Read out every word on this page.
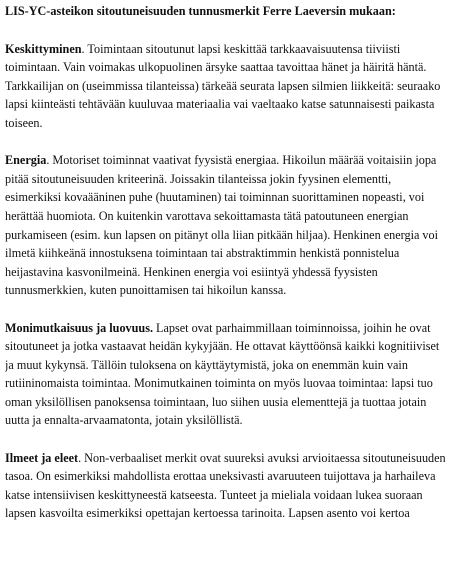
LIS-YC-asteikon sitoutuneisuuden tunnusmerkit Ferre Laeversin mukaan:

Keskittyminen. Toimintaan sitoutunut lapsi keskittää tarkkaavaisuutensa tiiviisti toimintaan. Vain voimakas ulkopuolinen ärsyke saattaa tavoittaa hänet ja häiritä häntä. Tarkkailijan on (useimmissa tilanteissa) tärkeää seurata lapsen silmien liikkeitä: seuraako lapsi kiinteästi tehtävään kuuluvaa materiaalia vai vaeltaako katse satunnaisesti paikasta toiseen.

Energia. Motoriset toiminnat vaativat fyysistä energiaa. Hikoilun määrää voitaisiin jopa pitää sitoutuneisuuden kriteerinä. Joissakin tilanteissa jokin fyysinen elementti, esimerkiksi kovaääninen puhe (huutaminen) tai toiminnan suorittaminen nopeasti, voi herättää huomiota. On kuitenkin varottava sekoittamasta tätä patoutuneen energian purkamiseen (esim. kun lapsen on pitänyt olla liian pitkään hiljaa). Henkinen energia voi ilmetä kiihkeänä innostuksena toimintaan tai abstraktimmin henkistä ponnistelua heijastavina kasvonilmeinä. Henkinen energia voi esiintyä yhdessä fyysisten tunnusmerkkien, kuten punoittamisen tai hikoilun kanssa.

Monimutkaisuus ja luovuus. Lapset ovat parhaimmillaan toiminnoissa, joihin he ovat sitoutuneet ja jotka vastaavat heidän kykyjään. He ottavat käyttöönsä kaikki kognitiiviset ja muut kykynsä. Tällöin tuloksena on käyttäytymistä, joka on enemmän kuin vain rutiininomaista toimintaa. Monimutkainen toiminta on myös luovaa toimintaa: lapsi tuo oman yksilöllisen panoksensa toimintaan, luo siihen uusia elementtejä ja tuottaa jotain uutta ja ennalta-arvaamatonta, jotain yksilöllistä.

Ilmeet ja eleet. Non-verbaaliset merkit ovat suureksi avuksi arvioitaessa sitoutuneisuuden tasoa. On esimerkiksi mahdollista erottaa uneksivasti avaruuteen tuijottava ja harhaileva katse intensiivisen keskittyneestä katseesta. Tunteet ja mieliala voidaan lukea suoraan lapsen kasvoilta esimerkiksi opettajan kertoessa tarinoita. Lapsen asento voi kertoa
